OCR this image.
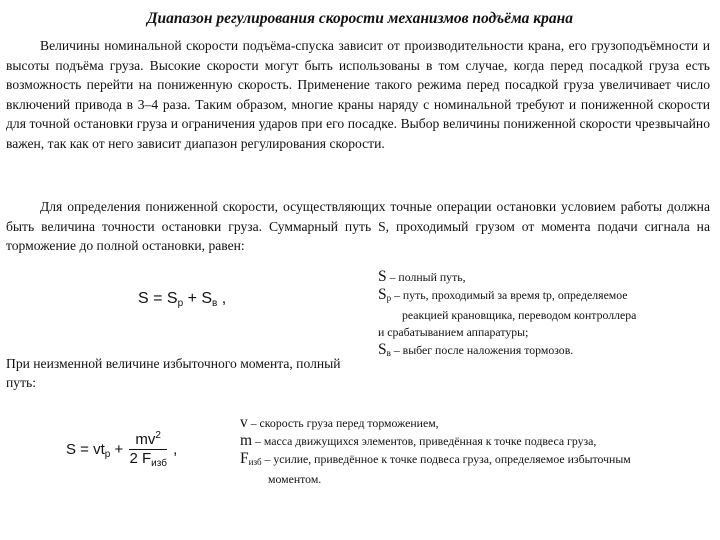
Диапазон регулирования скорости механизмов подъёма крана

Величины номинальной скорости подъёма-спуска зависит от производительности крана, его грузоподъёмности и высоты подъёма груза. Высокие скорости могут быть использованы в том случае, когда перед посадкой груза есть возможность перейти на пониженную скорость. Применение такого режима перед посадкой груза увеличивает число включений привода в 3–4 раза. Таким образом, многие краны наряду с номинальной требуют и пониженной скорости для точной остановки груза и ограничения ударов при его посадке. Выбор величины пониженной скорости чрезвычайно важен, так как от него зависит диапазон регулирования скорости.

Для определения пониженной скорости, осуществляющих точные операции остановки условием работы должна быть величина точности остановки груза. Суммарный путь S, проходимый грузом от момента подачи сигнала на торможение до полной остановки, равен:

$S = S_р + S_в$ ,
S – полный путь,
$S_р$ – путь, проходимый за время tр, определяемое
реакцией крановщика, переводом контроллера
и срабатыванием аппаратуры;
$S_в$ – выбег после наложения тормозов.

При неизменной величине избыточного момента, полный путь:

$S = vt_р + \frac{mv^2}{2 F_{изб}}$ ,
v – скорость груза перед торможением,
m – масса движущихся элементов, приведённая к точке подвеса груза,
$F_{изб}$ – усилие, приведённое к точке подвеса груза, определяемое избыточным
моментом.
